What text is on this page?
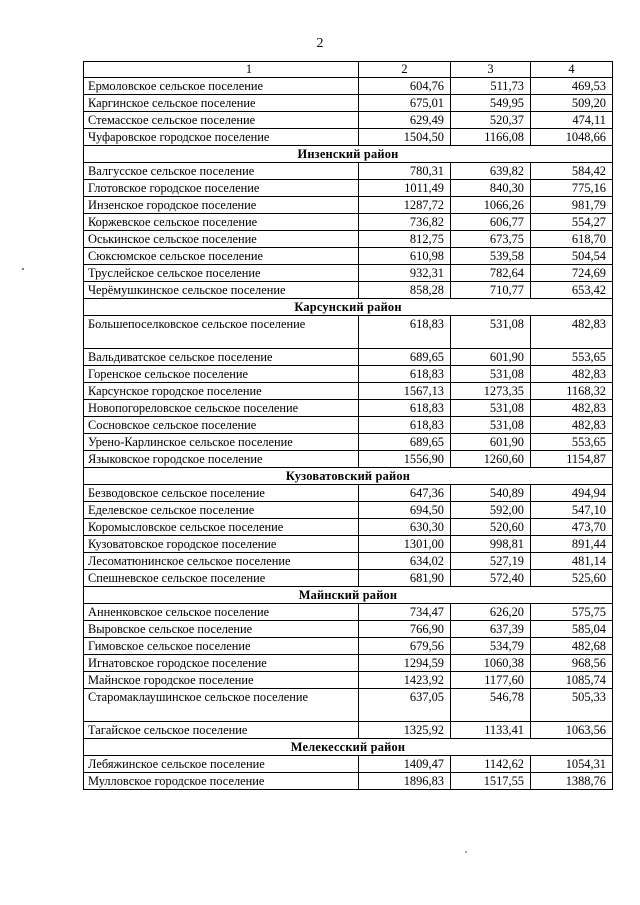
2
1	2	3	4
Ермоловское сельское поселение	604,76	511,73	469,53
Каргинское сельское поселение	675,01	549,95	509,20
Стемасское сельское поселение	629,49	520,37	474,11
Чуфаровское городское поселение	1504,50	1166,08	1048,66
Инзенский район			
Валгусское сельское поселение	780,31	639,82	584,42
Глотовское городское поселение	1011,49	840,30	775,16
Инзенское городское поселение	1287,72	1066,26	981,79
Коржевское сельское поселение	736,82	606,77	554,27
Оськинское сельское поселение	812,75	673,75	618,70
Сюксюмское сельское поселение	610,98	539,58	504,54
Труслейское сельское поселение	932,31	782,64	724,69
Черёмушкинское сельское поселение	858,28	710,77	653,42
Карсунский район			
Большепоселковское сельское поселение	618,83	531,08	482,83
Вальдиватское сельское поселение	689,65	601,90	553,65
Горенское сельское поселение	618,83	531,08	482,83
Карсунское городское поселение	1567,13	1273,35	1168,32
Новопогореловское сельское поселение	618,83	531,08	482,83
Сосновское сельское поселение	618,83	531,08	482,83
Урено-Карлинское сельское поселение	689,65	601,90	553,65
Языковское городское поселение	1556,90	1260,60	1154,87
Кузоватовский район			
Безводовское сельское поселение	647,36	540,89	494,94
Еделевское сельское поселение	694,50	592,00	547,10
Коромысловское сельское поселение	630,30	520,60	473,70
Кузоватовское городское поселение	1301,00	998,81	891,44
Лесоматюнинское сельское поселение	634,02	527,19	481,14
Спешневское сельское поселение	681,90	572,40	525,60
Майнский район			
Анненковское сельское поселение	734,47	626,20	575,75
Выровское сельское поселение	766,90	637,39	585,04
Гимовское сельское поселение	679,56	534,79	482,68
Игнатовское городское поселение	1294,59	1060,38	968,56
Майнское городское поселение	1423,92	1177,60	1085,74
Старомаклаушинское сельское поселение	637,05	546,78	505,33
Тагайское сельское поселение	1325,92	1133,41	1063,56
Мелекесский район			
Лебяжинское сельское поселение	1409,47	1142,62	1054,31
Мулловское городское поселение	1896,83	1517,55	1388,76
